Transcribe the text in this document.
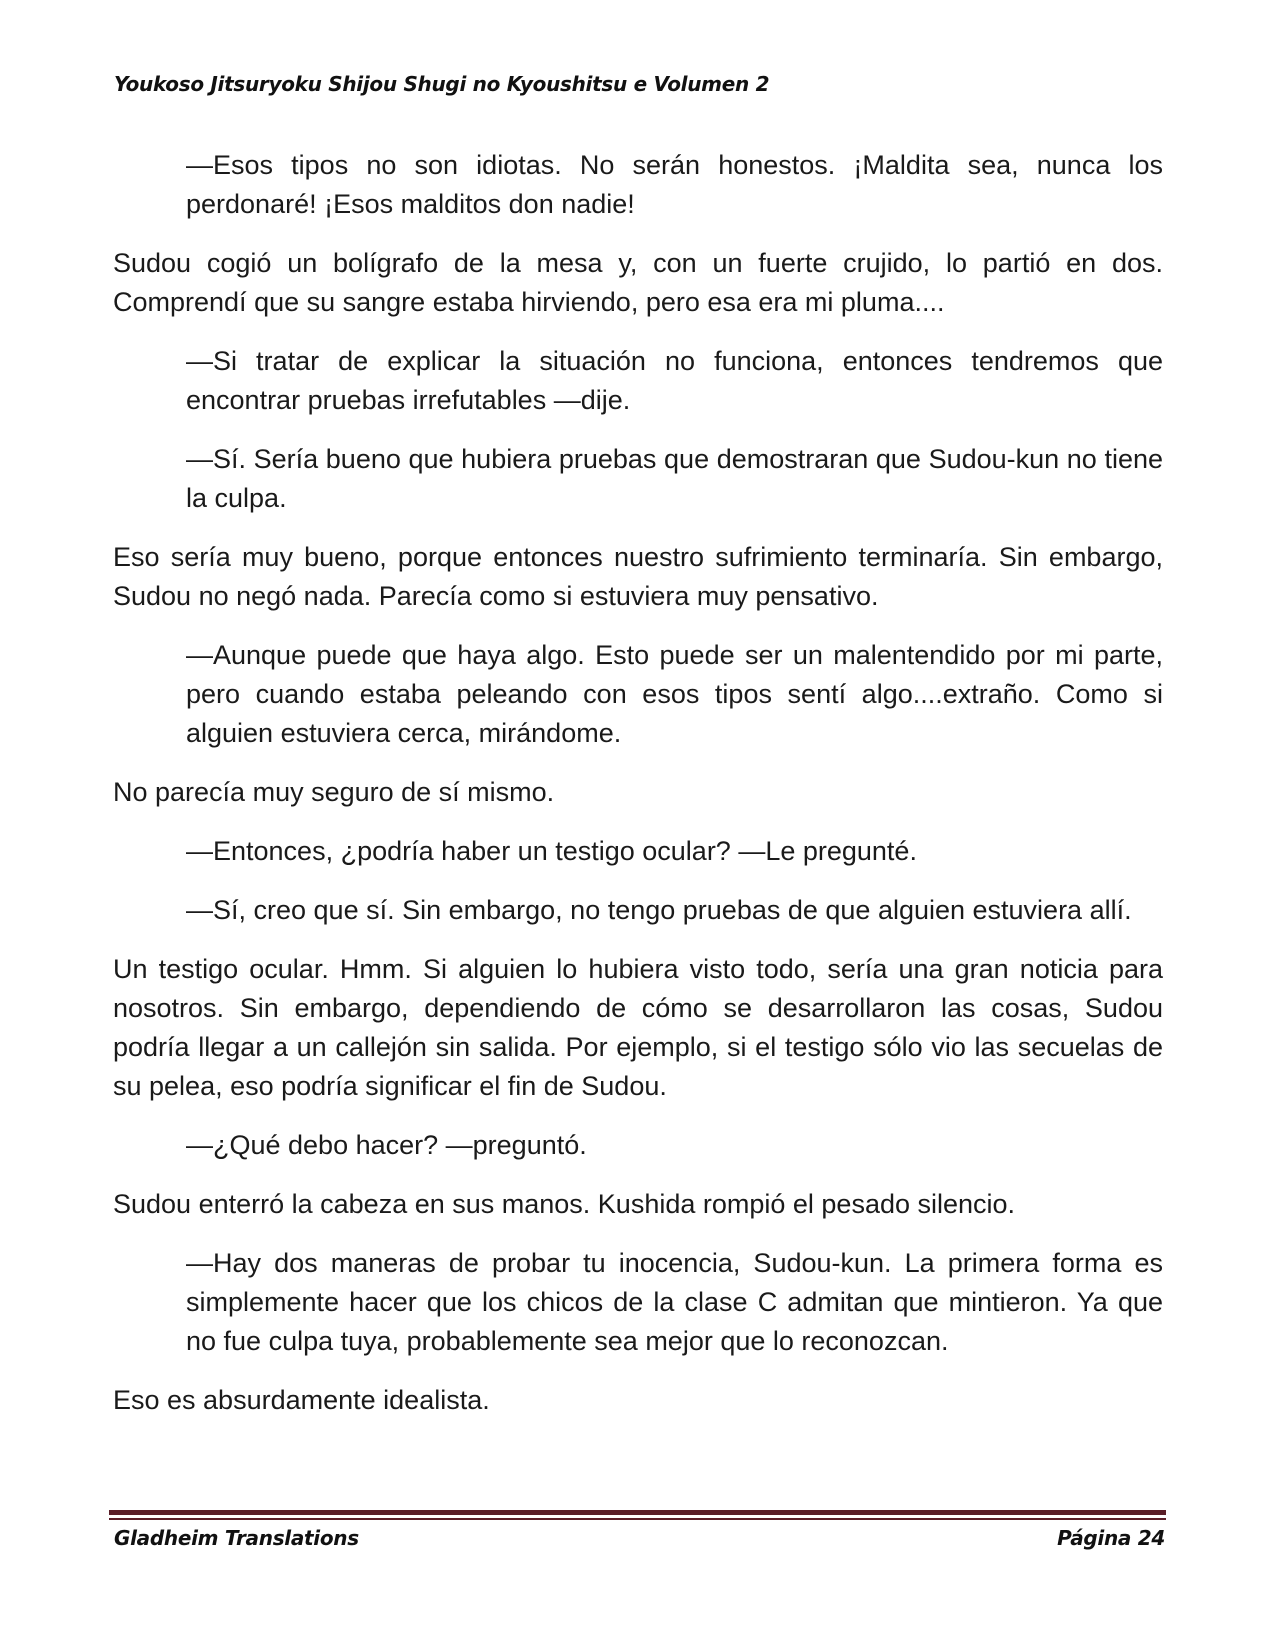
Youkoso Jitsuryoku Shijou Shugi no Kyoushitsu e Volumen 2

—Esos tipos no son idiotas. No serán honestos. ¡Maldita sea, nunca los perdonaré! ¡Esos malditos don nadie!

Sudou cogió un bolígrafo de la mesa y, con un fuerte crujido, lo partió en dos. Comprendí que su sangre estaba hirviendo, pero esa era mi pluma....

—Si tratar de explicar la situación no funciona, entonces tendremos que encontrar pruebas irrefutables —dije.

—Sí. Sería bueno que hubiera pruebas que demostraran que Sudou-kun no tiene la culpa.

Eso sería muy bueno, porque entonces nuestro sufrimiento terminaría. Sin embargo, Sudou no negó nada. Parecía como si estuviera muy pensativo.

—Aunque puede que haya algo. Esto puede ser un malentendido por mi parte, pero cuando estaba peleando con esos tipos sentí algo....extraño. Como si alguien estuviera cerca, mirándome.

No parecía muy seguro de sí mismo.

—Entonces, ¿podría haber un testigo ocular? —Le pregunté.

—Sí, creo que sí. Sin embargo, no tengo pruebas de que alguien estuviera allí.

Un testigo ocular. Hmm. Si alguien lo hubiera visto todo, sería una gran noticia para nosotros. Sin embargo, dependiendo de cómo se desarrollaron las cosas, Sudou podría llegar a un callejón sin salida. Por ejemplo, si el testigo sólo vio las secuelas de su pelea, eso podría significar el fin de Sudou.

—¿Qué debo hacer? —preguntó.

Sudou enterró la cabeza en sus manos. Kushida rompió el pesado silencio.

—Hay dos maneras de probar tu inocencia, Sudou-kun. La primera forma es simplemente hacer que los chicos de la clase C admitan que mintieron. Ya que no fue culpa tuya, probablemente sea mejor que lo reconozcan.

Eso es absurdamente idealista.

Gladheim Translations	Página 24
